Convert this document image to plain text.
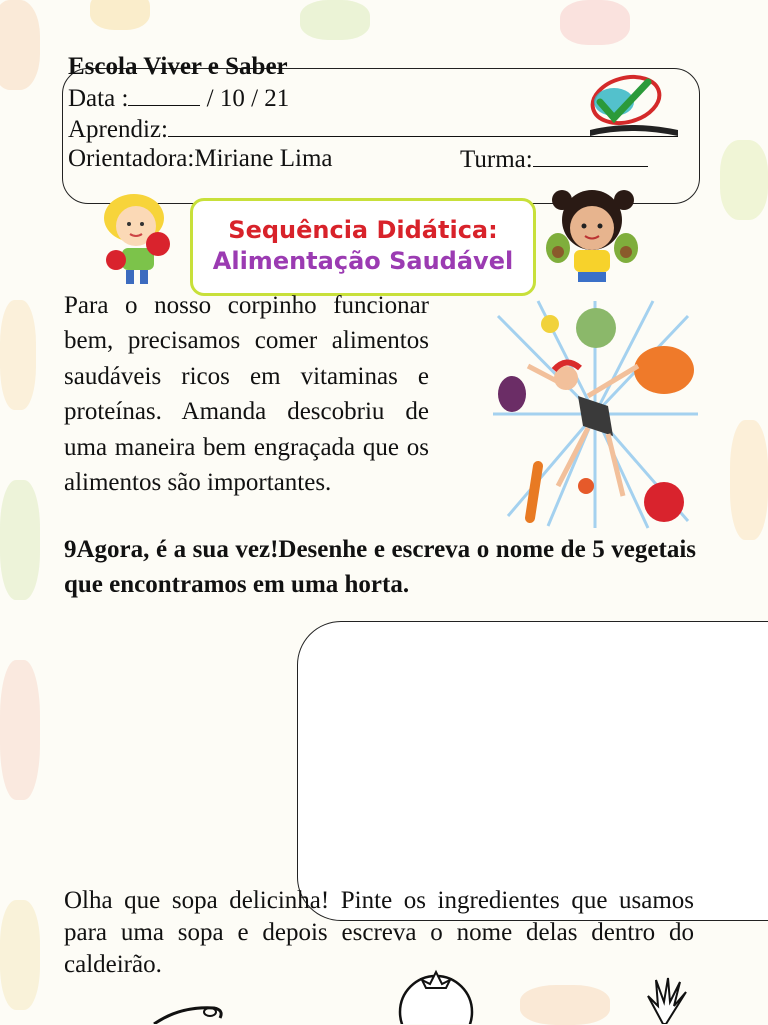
Escola Viver e Saber
Data :	/ 10 / 21
Aprendiz:
Orientadora:Miriane Lima	Turma:
Sequência Didática:
Alimentação Saudável
Para o nosso corpinho funcionar bem, precisamos comer alimentos saudáveis ricos em vitaminas e proteínas. Amanda descobriu de uma maneira bem engraçada que os alimentos são importantes.
9Agora, é a sua vez!Desenhe e escreva o nome de 5 vegetais que encontramos em uma horta.
Olha que sopa delicinha! Pinte os ingredientes que usamos para uma sopa e depois escreva o nome delas dentro do caldeirão.
